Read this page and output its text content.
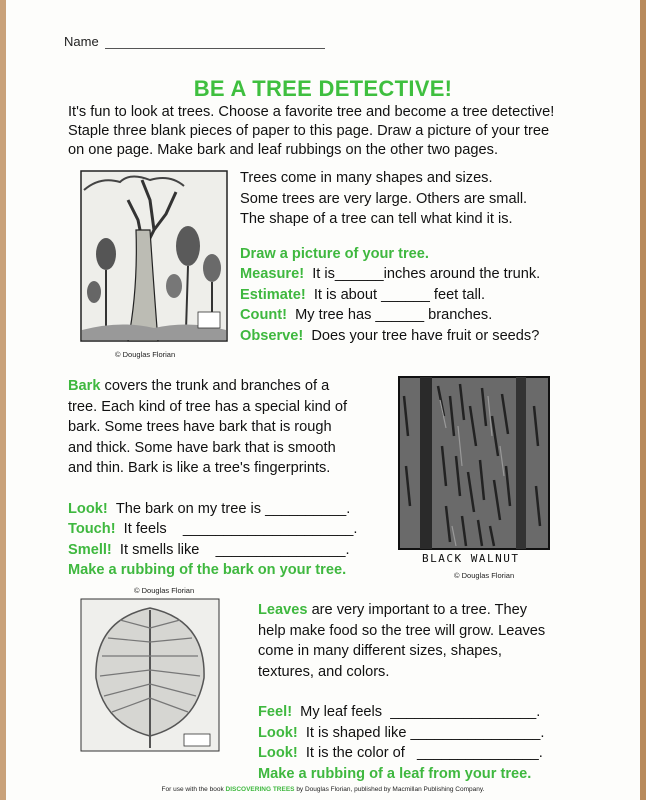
Name
BE A TREE DETECTIVE!
It's fun to look at trees. Choose a favorite tree and become a tree detective!
Staple three blank pieces of paper to this page. Draw a picture of your tree
on one page. Make bark and leaf rubbings on the other two pages.
© Douglas Florian
Trees come in many shapes and sizes.
Some trees are very large. Others are small.
The shape of a tree can tell what kind it is.
Draw a picture of your tree.
Measure! It is______inches around the trunk.
Estimate! It is about ______ feet tall.
Count! My tree has ______ branches.
Observe! Does your tree have fruit or seeds?
Bark covers the trunk and branches of a
tree. Each kind of tree has a special kind of
bark. Some trees have bark that is rough
and thick. Some have bark that is smooth
and thin. Bark is like a tree's fingerprints.
Look! The bark on my tree is __________.
Touch! It feels    _____________________.
Smell! It smells like    ________________.
Make a rubbing of the bark on your tree.
BLACK WALNUT
© Douglas Florian
© Douglas Florian
Leaves are very important to a tree. They
help make food so the tree will grow. Leaves
come in many different sizes, shapes,
textures, and colors.
Feel! My leaf feels  __________________.
Look! It is shaped like ________________.
Look! It is the color of   _______________.
Make a rubbing of a leaf from your tree.
For use with the book DISCOVERING TREES by Douglas Florian, published by Macmillan Publishing Company.
